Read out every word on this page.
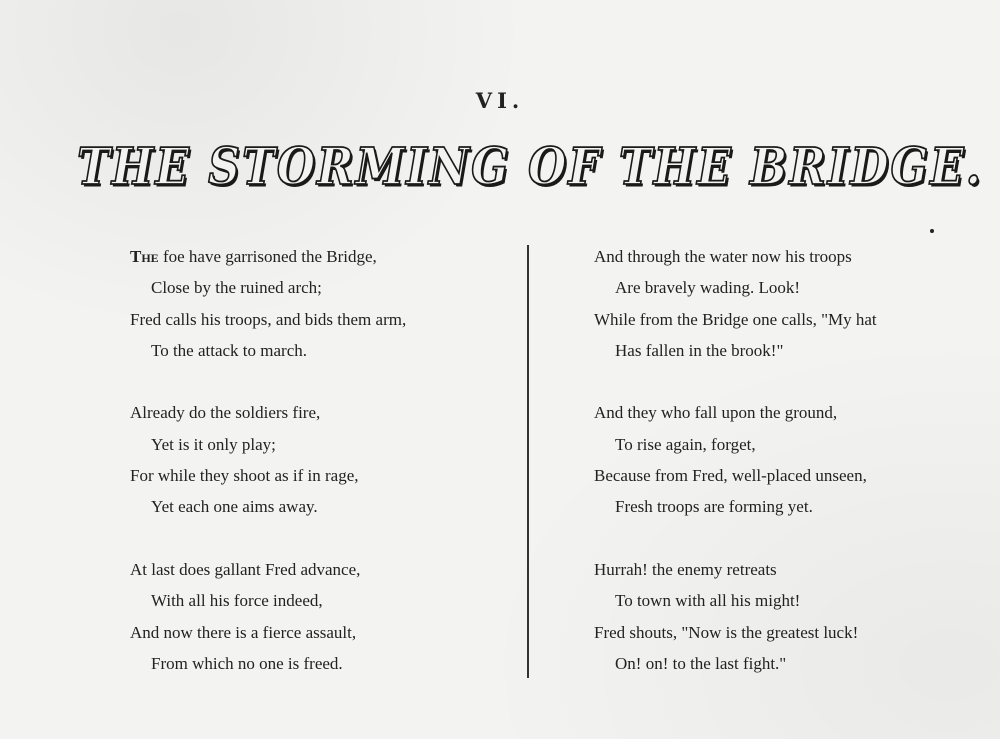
VI.
THE STORMING OF THE BRIDGE.
The foe have garrisoned the Bridge,
Close by the ruined arch;
Fred calls his troops, and bids them arm,
To the attack to march.
Already do the soldiers fire,
Yet is it only play;
For while they shoot as if in rage,
Yet each one aims away.
At last does gallant Fred advance,
With all his force indeed,
And now there is a fierce assault,
From which no one is freed.
And through the water now his troops
Are bravely wading. Look!
While from the Bridge one calls, "My hat
Has fallen in the brook!"
And they who fall upon the ground,
To rise again, forget,
Because from Fred, well-placed unseen,
Fresh troops are forming yet.
Hurrah! the enemy retreats
To town with all his might!
Fred shouts, "Now is the greatest luck!
On! on! to the last fight."
